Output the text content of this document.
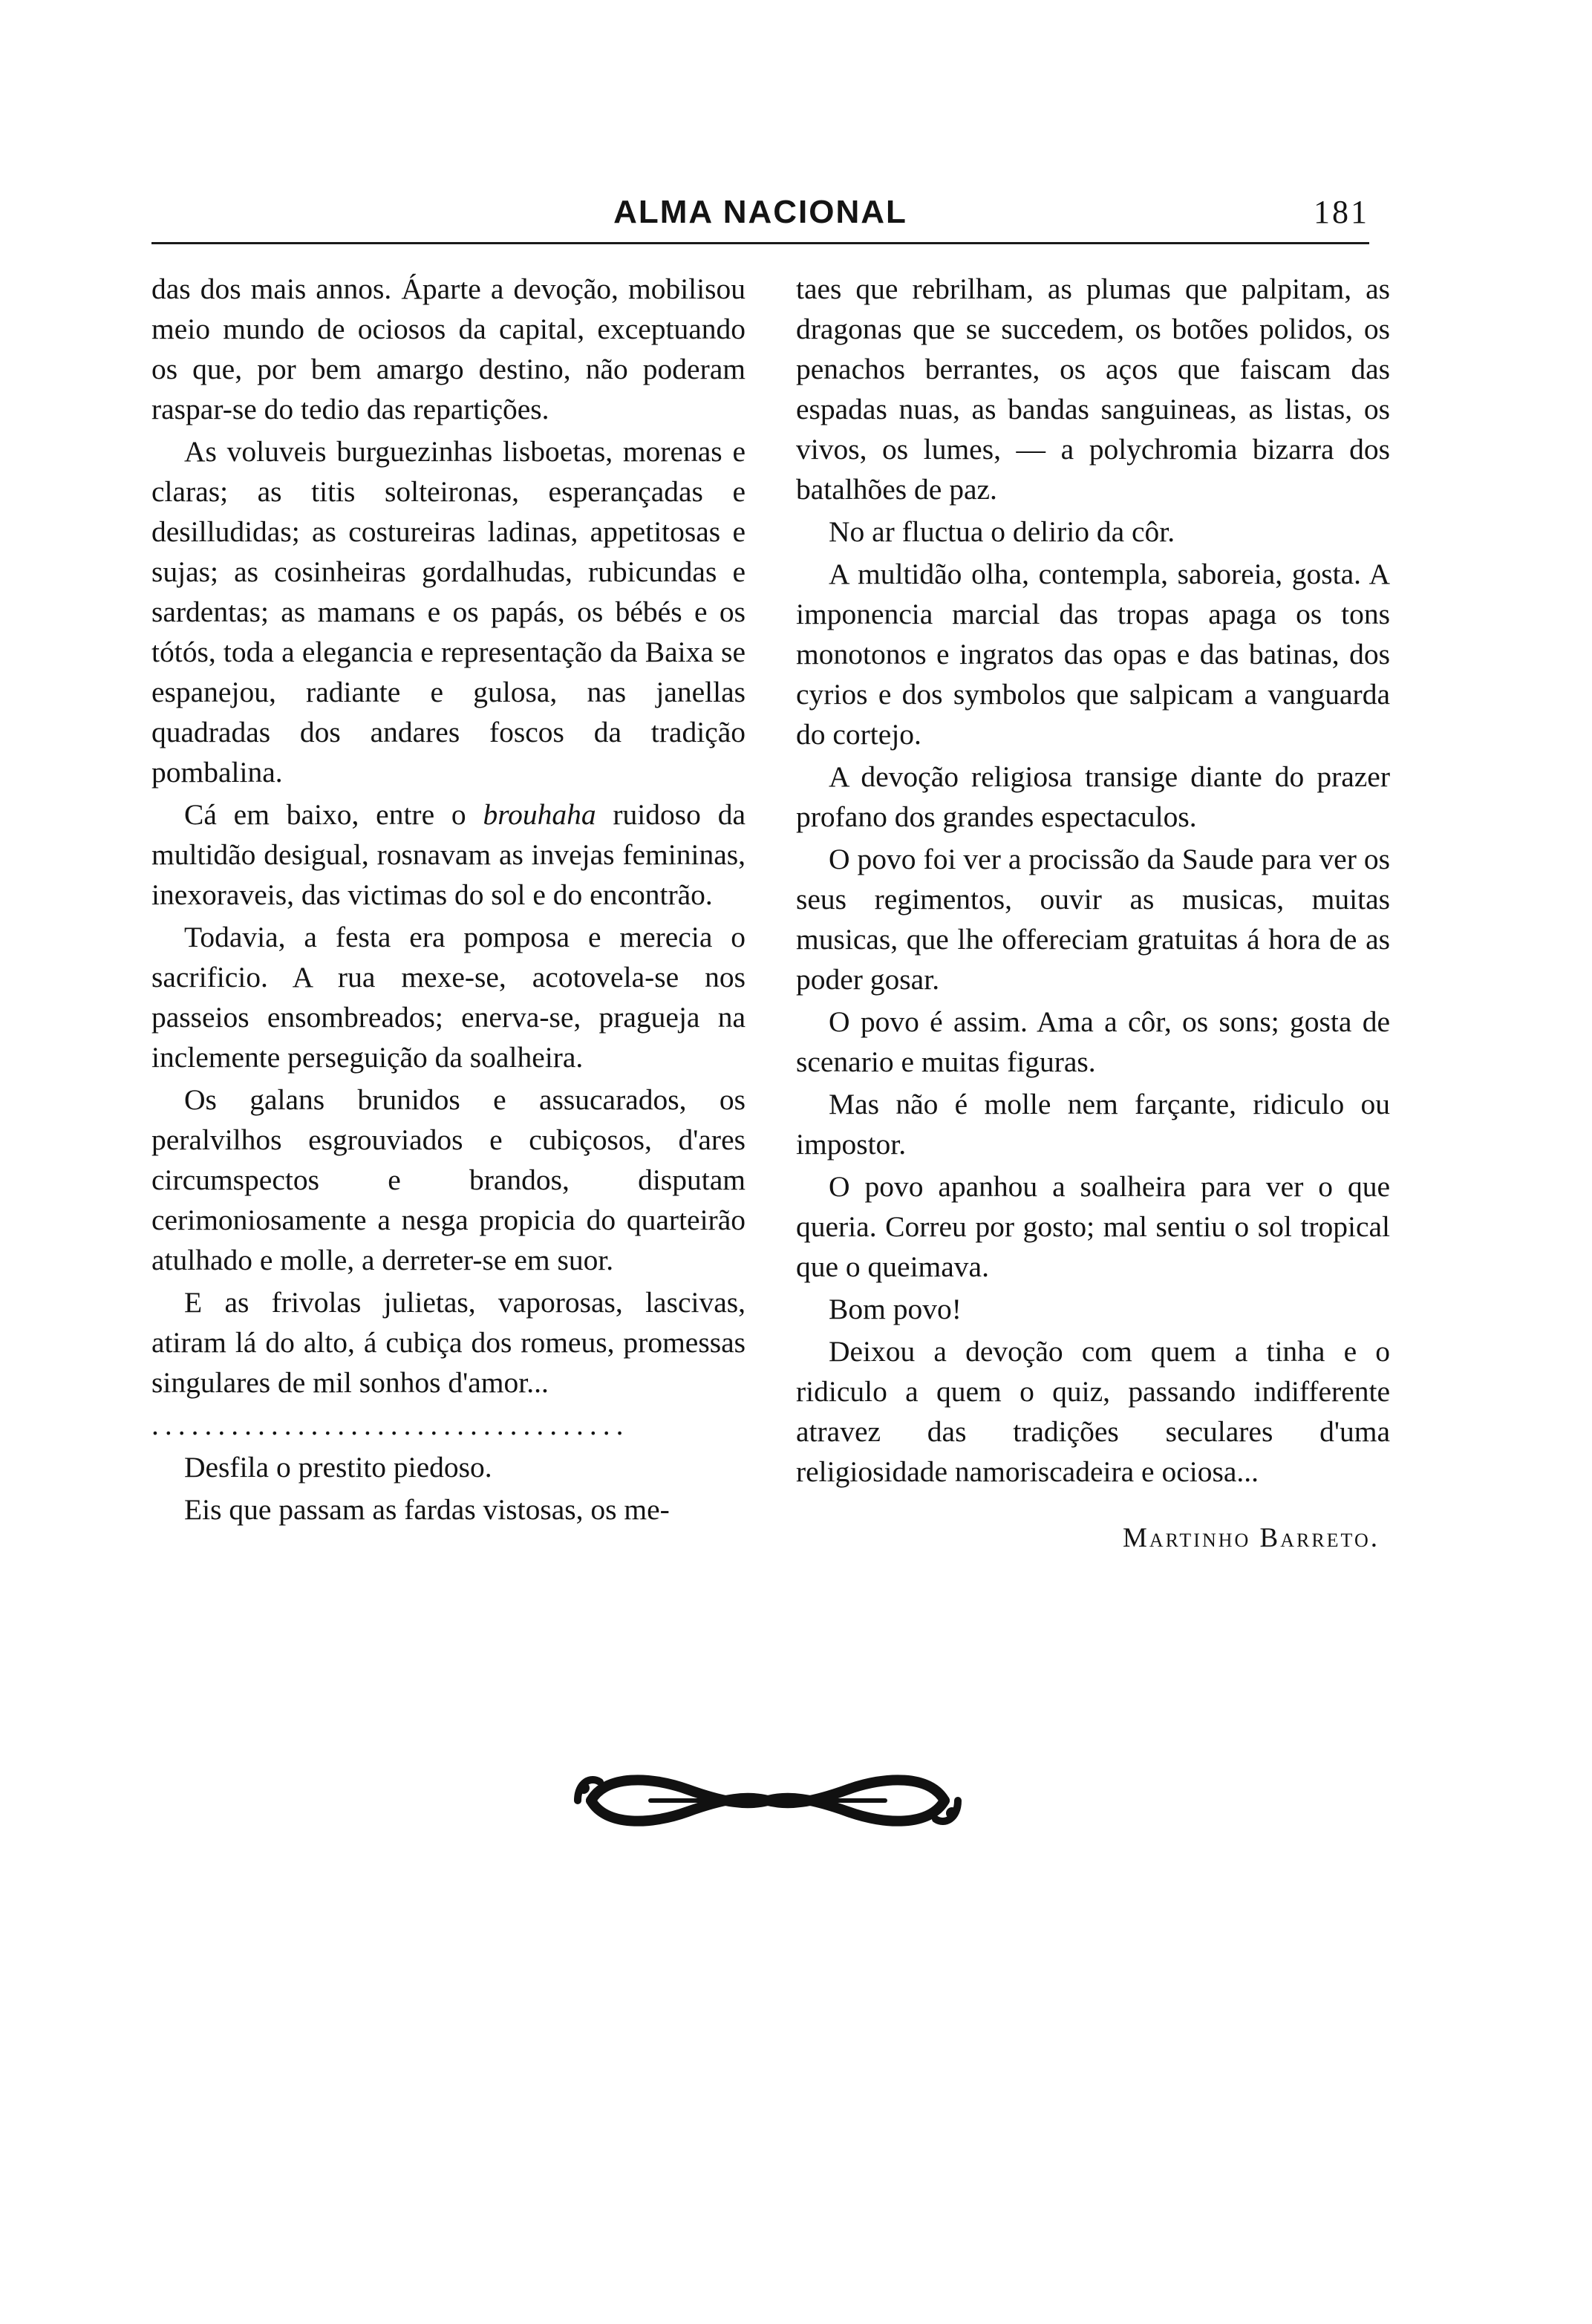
ALMA NACIONAL	181

das dos mais annos. Áparte a devoção, mobilisou meio mundo de ociosos da capital, exceptuando os que, por bem amargo destino, não poderam raspar-se do tedio das repartições.

As voluveis burguezinhas lisboetas, morenas e claras; as titis solteironas, esperançadas e desilludidas; as costureiras ladinas, appetitosas e sujas; as cosinheiras gordalhudas, rubicundas e sardentas; as mamans e os papás, os bébés e os tótós, toda a elegancia e representação da Baixa se espanejou, radiante e gulosa, nas janellas quadradas dos andares foscos da tradição pombalina.

Cá em baixo, entre o brouhaha ruidoso da multidão desigual, rosnavam as invejas femininas, inexoraveis, das victimas do sol e do encontrão.

Todavia, a festa era pomposa e merecia o sacrificio. A rua mexe-se, acotovela-se nos passeios ensombreados; enerva-se, pragueja na inclemente perseguição da soalheira.

Os galans brunidos e assucarados, os peralvilhos esgrouviados e cubiçosos, d'ares circumspectos e brandos, disputam cerimoniosamente a nesga propicia do quarteirão atulhado e molle, a derreter-se em suor.

E as frivolas julietas, vaporosas, lascivas, atiram lá do alto, á cubiça dos romeus, promessas singulares de mil sonhos d'amor...

....................................

Desfila o prestito piedoso.

Eis que passam as fardas vistosas, os me-

taes que rebrilham, as plumas que palpitam, as dragonas que se succedem, os botões polidos, os penachos berrantes, os aços que faiscam das espadas nuas, as bandas sanguineas, as listas, os vivos, os lumes, — a polychromia bizarra dos batalhões de paz.

No ar fluctua o delirio da côr.

A multidão olha, contempla, saboreia, gosta. A imponencia marcial das tropas apaga os tons monotonos e ingratos das opas e das batinas, dos cyrios e dos symbolos que salpicam a vanguarda do cortejo.

A devoção religiosa transige diante do prazer profano dos grandes espectaculos.

O povo foi ver a procissão da Saude para ver os seus regimentos, ouvir as musicas, muitas musicas, que lhe offereciam gratuitas á hora de as poder gosar.

O povo é assim. Ama a côr, os sons; gosta de scenario e muitas figuras.

Mas não é molle nem farçante, ridiculo ou impostor.

O povo apanhou a soalheira para ver o que queria. Correu por gosto; mal sentiu o sol tropical que o queimava.

Bom povo!

Deixou a devoção com quem a tinha e o ridiculo a quem o quiz, passando indifferente atravez das tradições seculares d'uma religiosidade namoriscadeira e ociosa...

Martinho Barreto.
